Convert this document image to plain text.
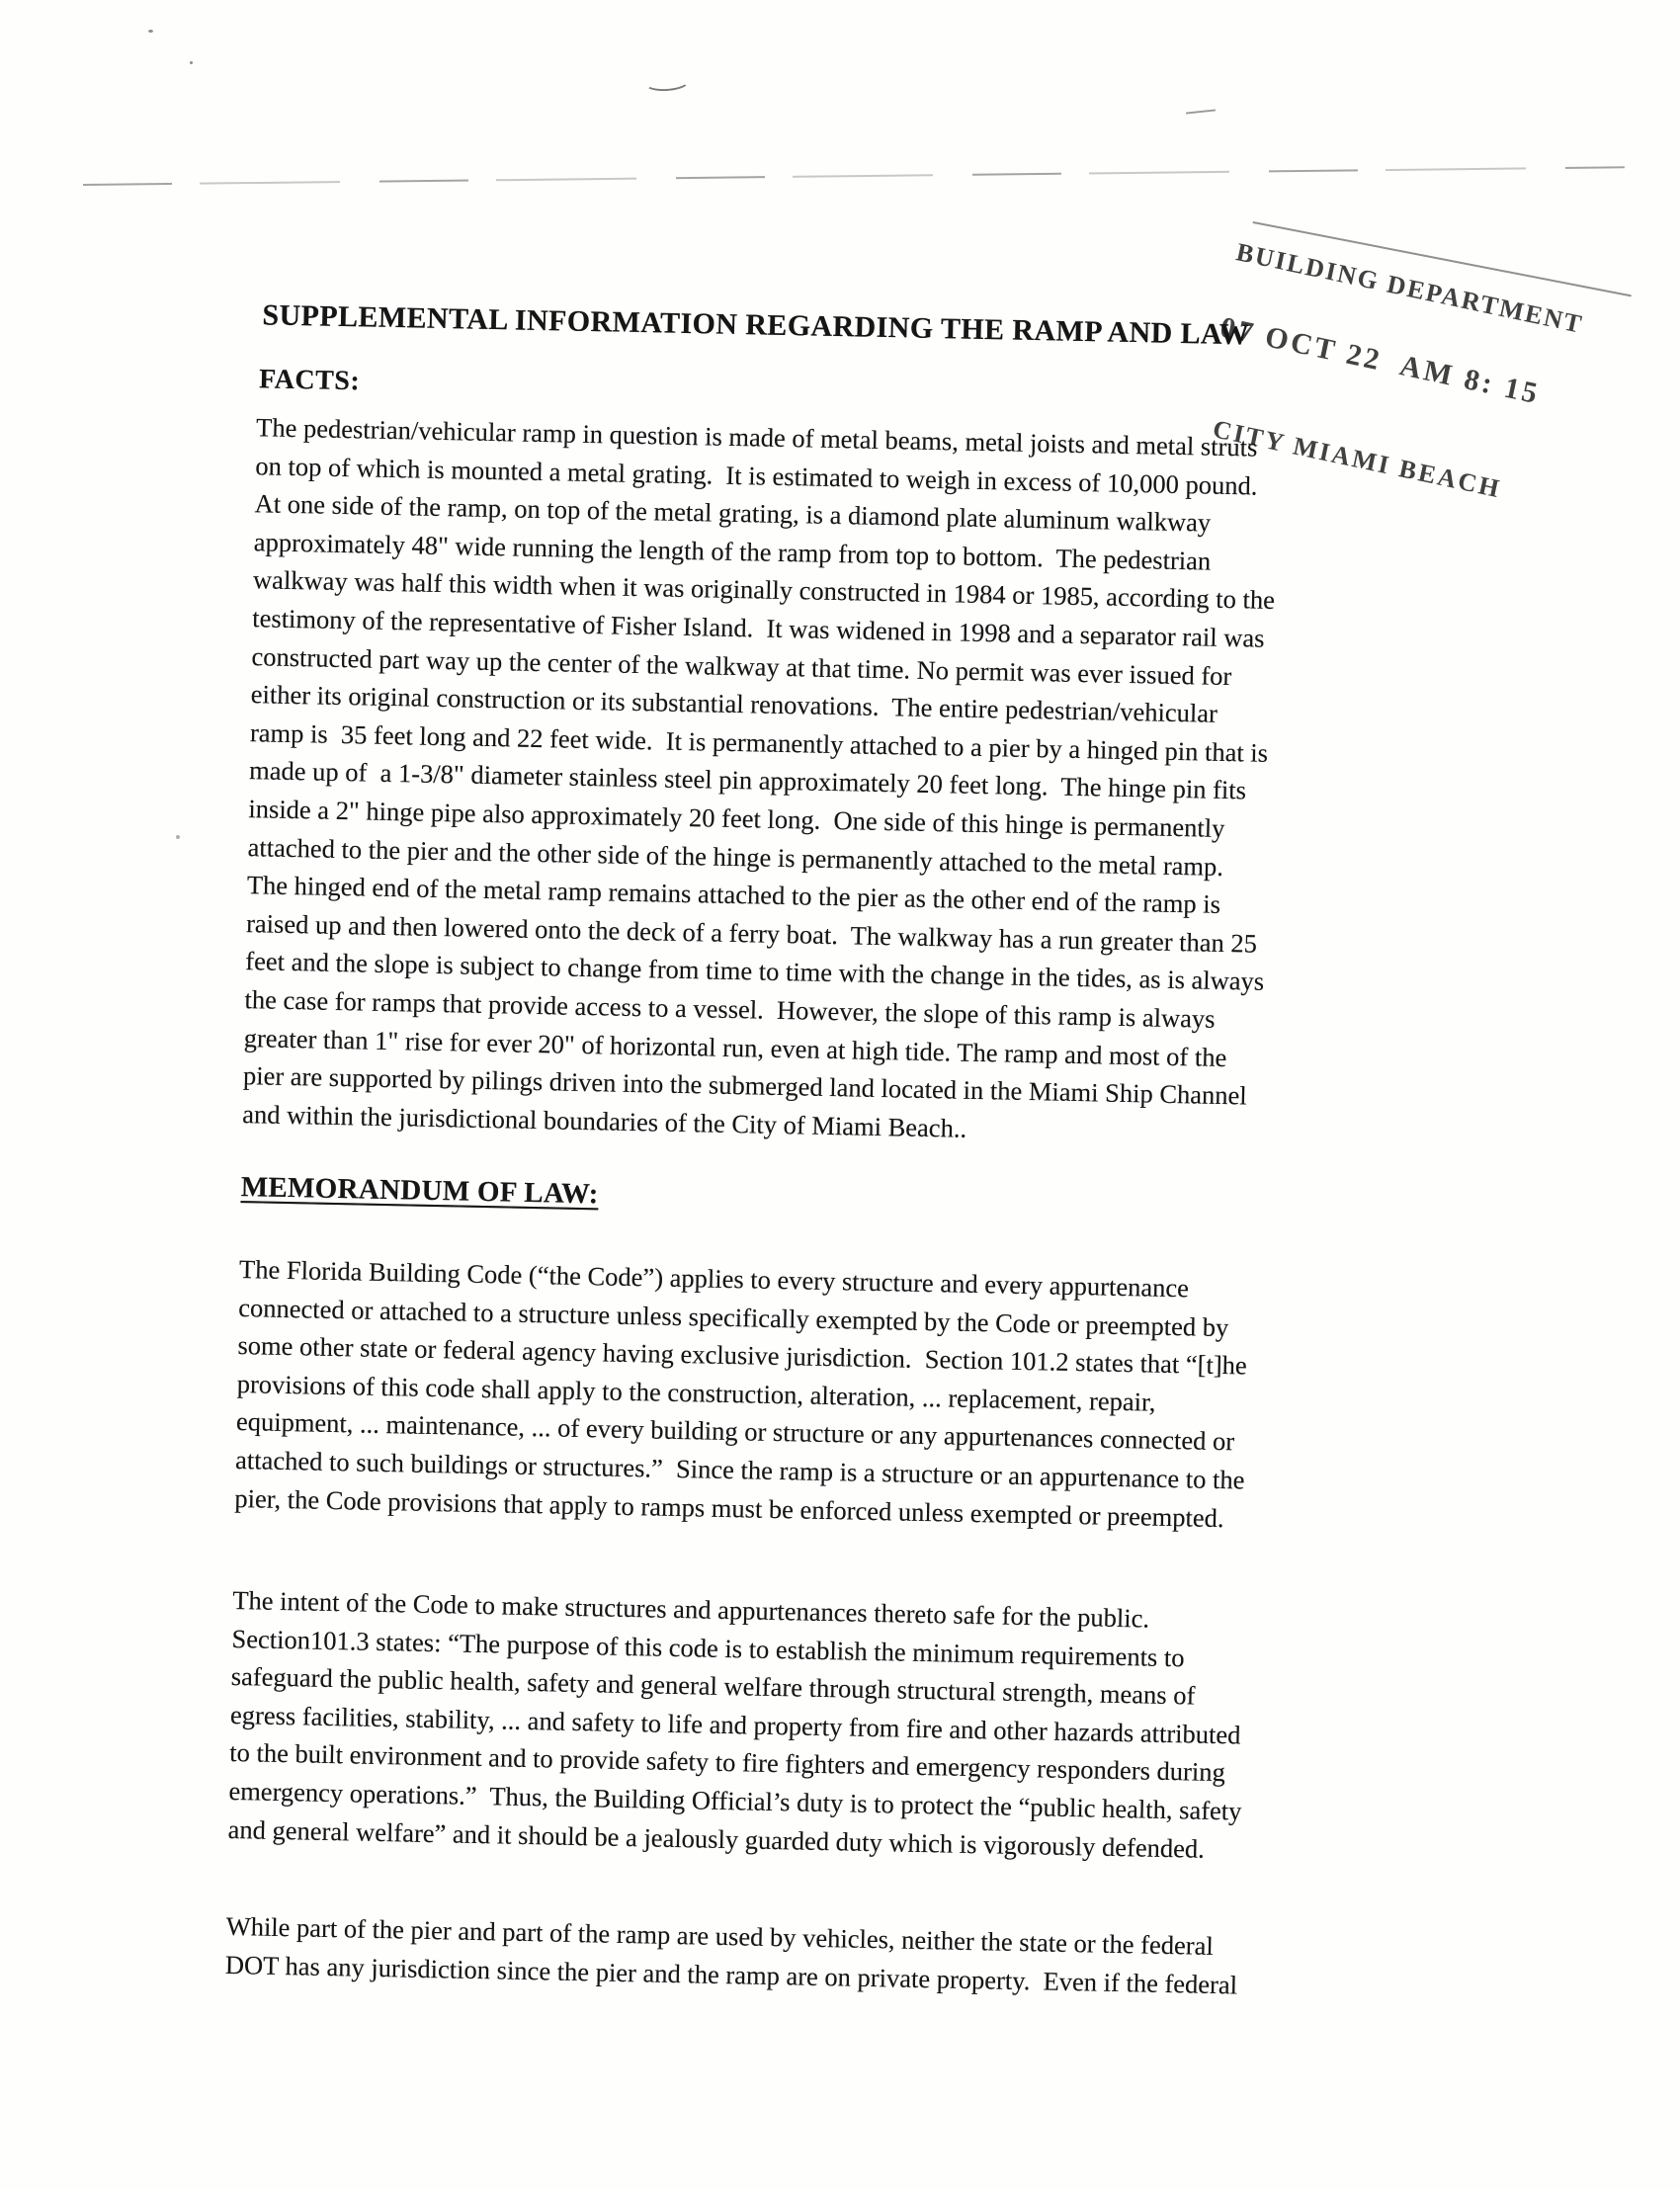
BUILDING DEPARTMENT

07 OCT 22  AM 8: 15

CITY MIAMI BEACH

SUPPLEMENTAL INFORMATION REGARDING THE RAMP AND LAW
FACTS:
The pedestrian/vehicular ramp in question is made of metal beams, metal joists and metal struts
on top of which is mounted a metal grating.  It is estimated to weigh in excess of 10,000 pound.
At one side of the ramp, on top of the metal grating, is a diamond plate aluminum walkway
approximately 48" wide running the length of the ramp from top to bottom.  The pedestrian
walkway was half this width when it was originally constructed in 1984 or 1985, according to the
testimony of the representative of Fisher Island.  It was widened in 1998 and a separator rail was
constructed part way up the center of the walkway at that time. No permit was ever issued for
either its original construction or its substantial renovations.  The entire pedestrian/vehicular
ramp is  35 feet long and 22 feet wide.  It is permanently attached to a pier by a hinged pin that is
made up of  a 1-3/8" diameter stainless steel pin approximately 20 feet long.  The hinge pin fits
inside a 2" hinge pipe also approximately 20 feet long.  One side of this hinge is permanently
attached to the pier and the other side of the hinge is permanently attached to the metal ramp.
The hinged end of the metal ramp remains attached to the pier as the other end of the ramp is
raised up and then lowered onto the deck of a ferry boat.  The walkway has a run greater than 25
feet and the slope is subject to change from time to time with the change in the tides, as is always
the case for ramps that provide access to a vessel.  However, the slope of this ramp is always
greater than 1" rise for ever 20" of horizontal run, even at high tide. The ramp and most of the
pier are supported by pilings driven into the submerged land located in the Miami Ship Channel
and within the jurisdictional boundaries of the City of Miami Beach..
MEMORANDUM OF LAW:
The Florida Building Code (“the Code”) applies to every structure and every appurtenance
connected or attached to a structure unless specifically exempted by the Code or preempted by
some other state or federal agency having exclusive jurisdiction.  Section 101.2 states that “[t]he
provisions of this code shall apply to the construction, alteration, ... replacement, repair,
equipment, ... maintenance, ... of every building or structure or any appurtenances connected or
attached to such buildings or structures.”  Since the ramp is a structure or an appurtenance to the
pier, the Code provisions that apply to ramps must be enforced unless exempted or preempted.
The intent of the Code to make structures and appurtenances thereto safe for the public.
Section101.3 states: “The purpose of this code is to establish the minimum requirements to
safeguard the public health, safety and general welfare through structural strength, means of
egress facilities, stability, ... and safety to life and property from fire and other hazards attributed
to the built environment and to provide safety to fire fighters and emergency responders during
emergency operations.”  Thus, the Building Official’s duty is to protect the “public health, safety
and general welfare” and it should be a jealously guarded duty which is vigorously defended.
While part of the pier and part of the ramp are used by vehicles, neither the state or the federal
DOT has any jurisdiction since the pier and the ramp are on private property.  Even if the federal
